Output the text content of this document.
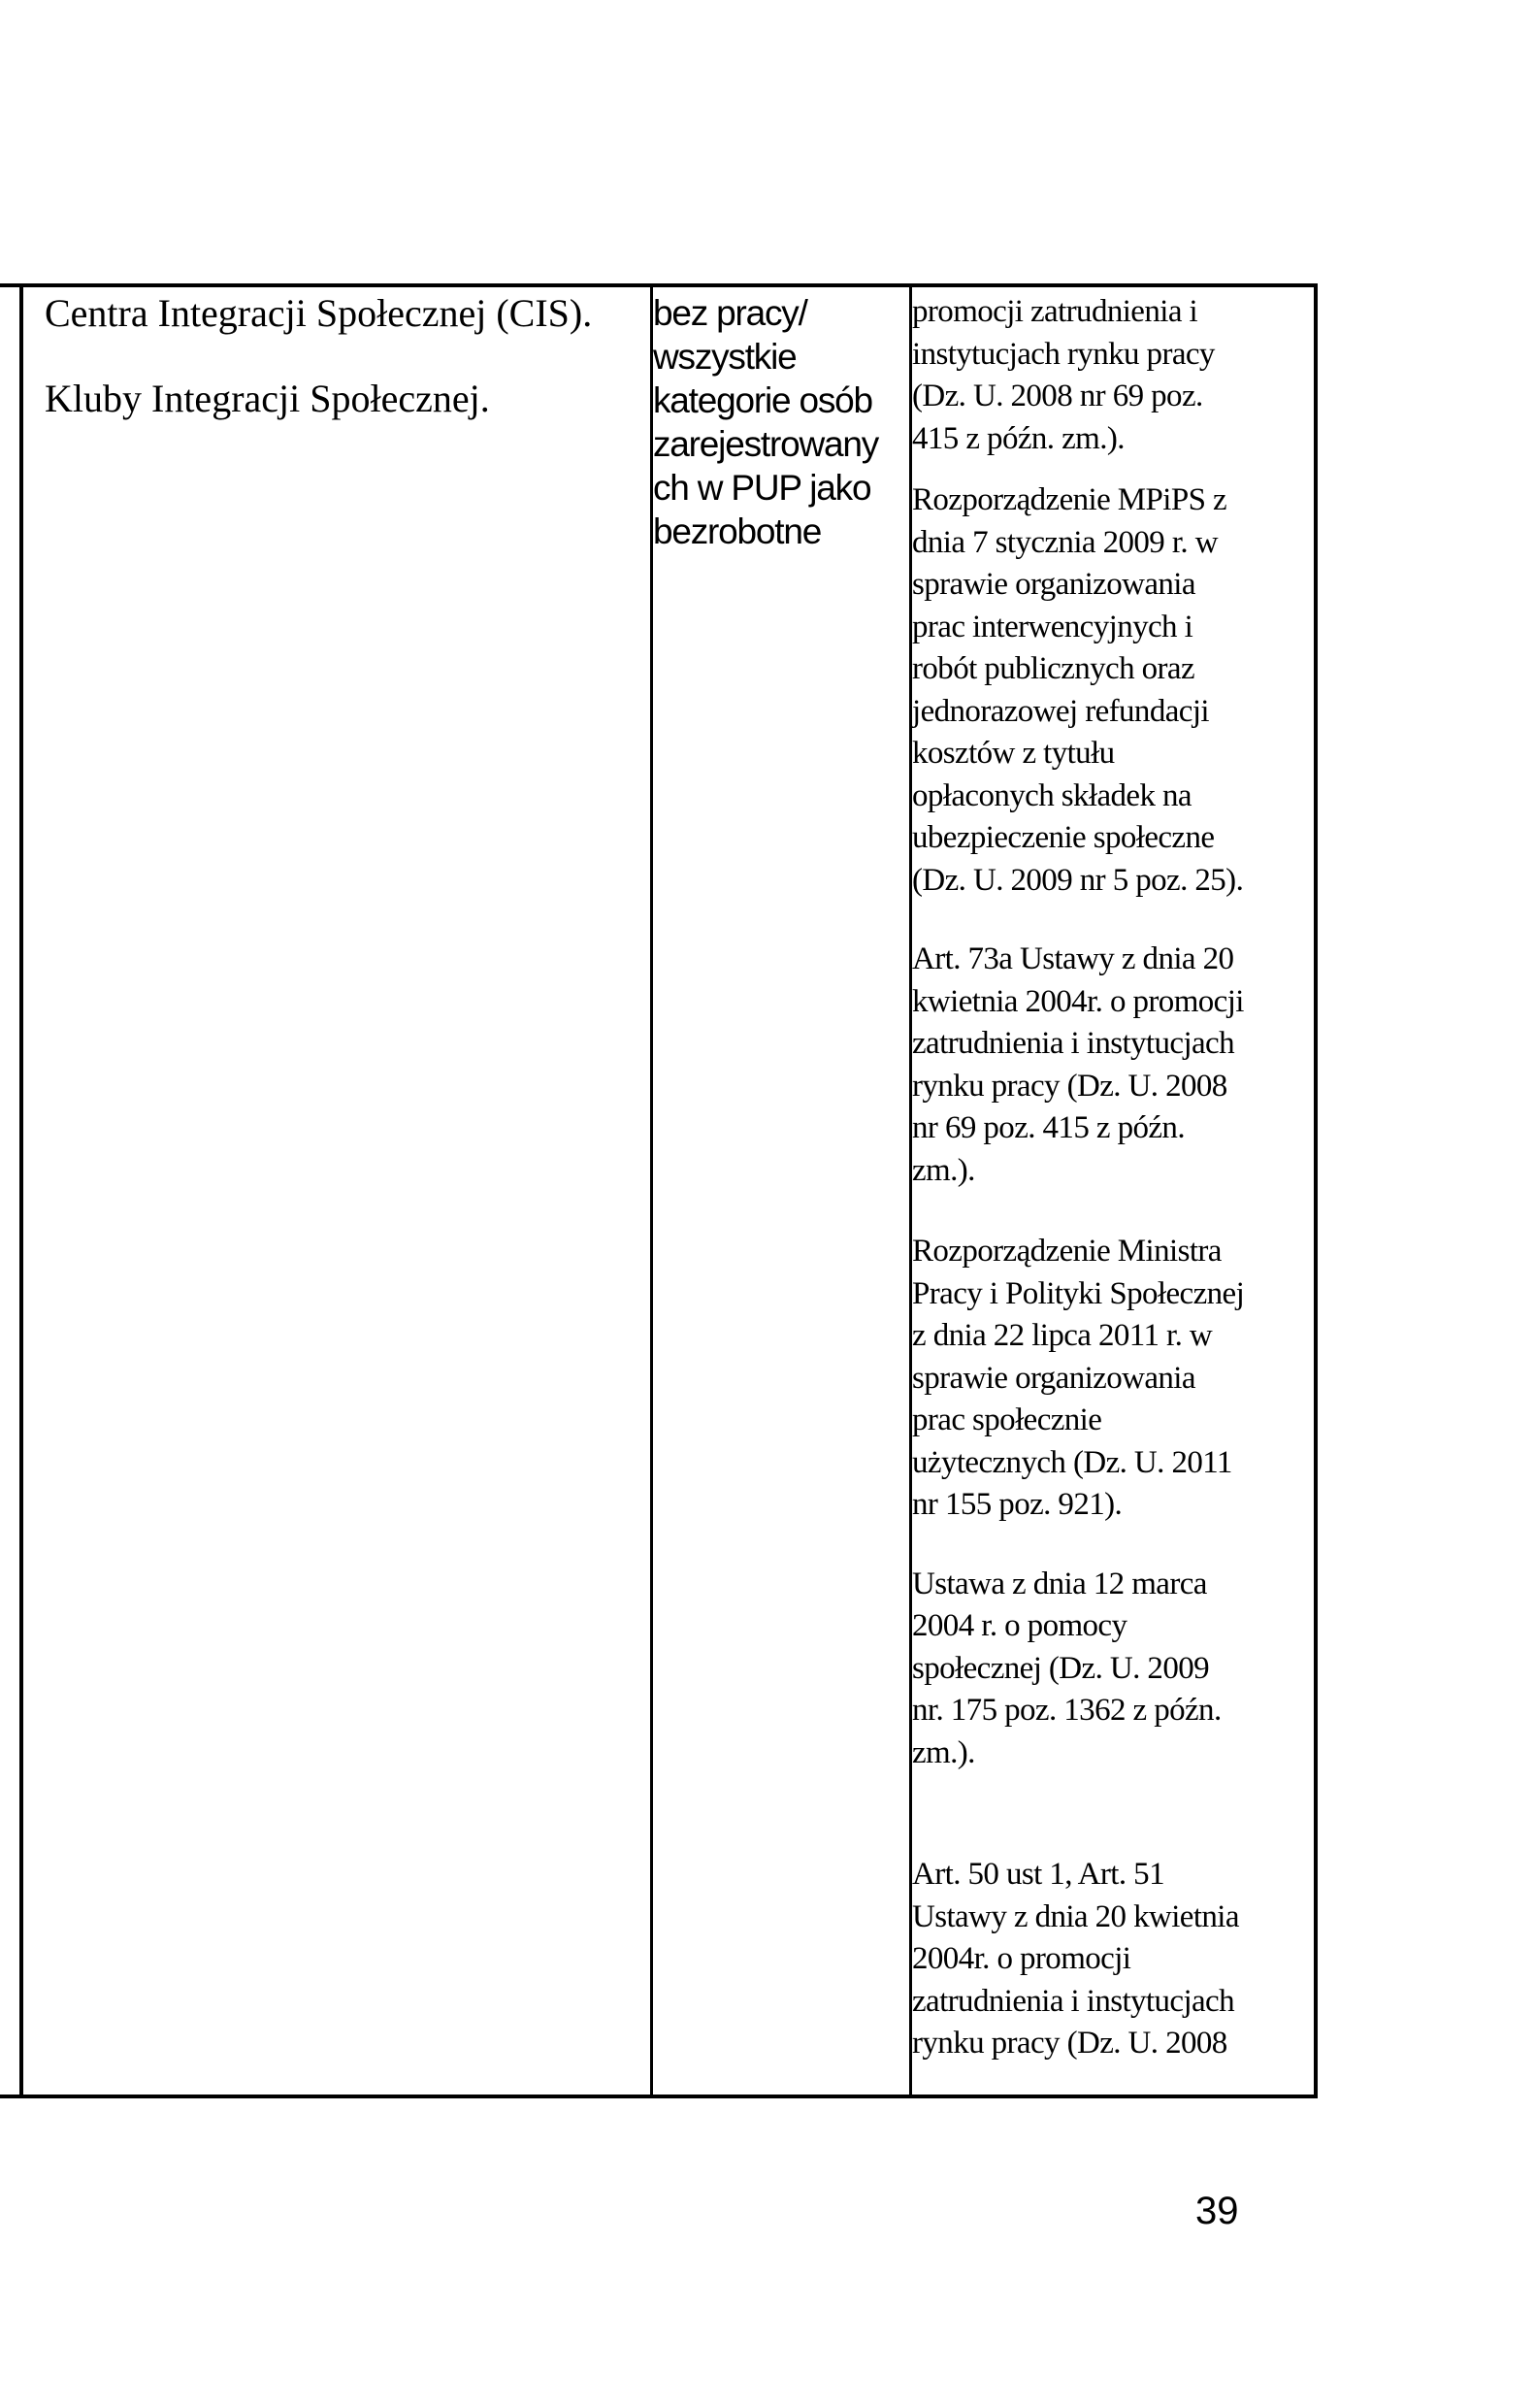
Centra Integracji Społecznej (CIS).

Kluby Integracji Społecznej.

bez pracy/
wszystkie
kategorie osób
zarejestrowany
ch w PUP jako
bezrobotne
promocji zatrudnienia i
instytucjach rynku pracy
(Dz. U. 2008 nr 69 poz.
415 z późn. zm.).
Rozporządzenie MPiPS z
dnia 7 stycznia 2009 r. w
sprawie organizowania
prac interwencyjnych i
robót publicznych oraz
jednorazowej refundacji
kosztów z tytułu
opłaconych składek na
ubezpieczenie społeczne
(Dz. U. 2009 nr 5 poz. 25).
Art. 73a Ustawy z dnia 20
kwietnia 2004r. o promocji
zatrudnienia i instytucjach
rynku pracy (Dz. U. 2008
nr 69 poz. 415 z późn.
zm.).
Rozporządzenie Ministra
Pracy i Polityki Społecznej
z dnia 22 lipca 2011 r. w
sprawie organizowania
prac społecznie
użytecznych (Dz. U. 2011
nr 155 poz. 921).
Ustawa z dnia 12 marca
2004 r. o pomocy
społecznej (Dz. U. 2009
nr. 175 poz. 1362 z późn.
zm.).
Art. 50 ust 1, Art. 51
Ustawy z dnia 20 kwietnia
2004r. o promocji
zatrudnienia i instytucjach
rynku pracy (Dz. U. 2008
39
